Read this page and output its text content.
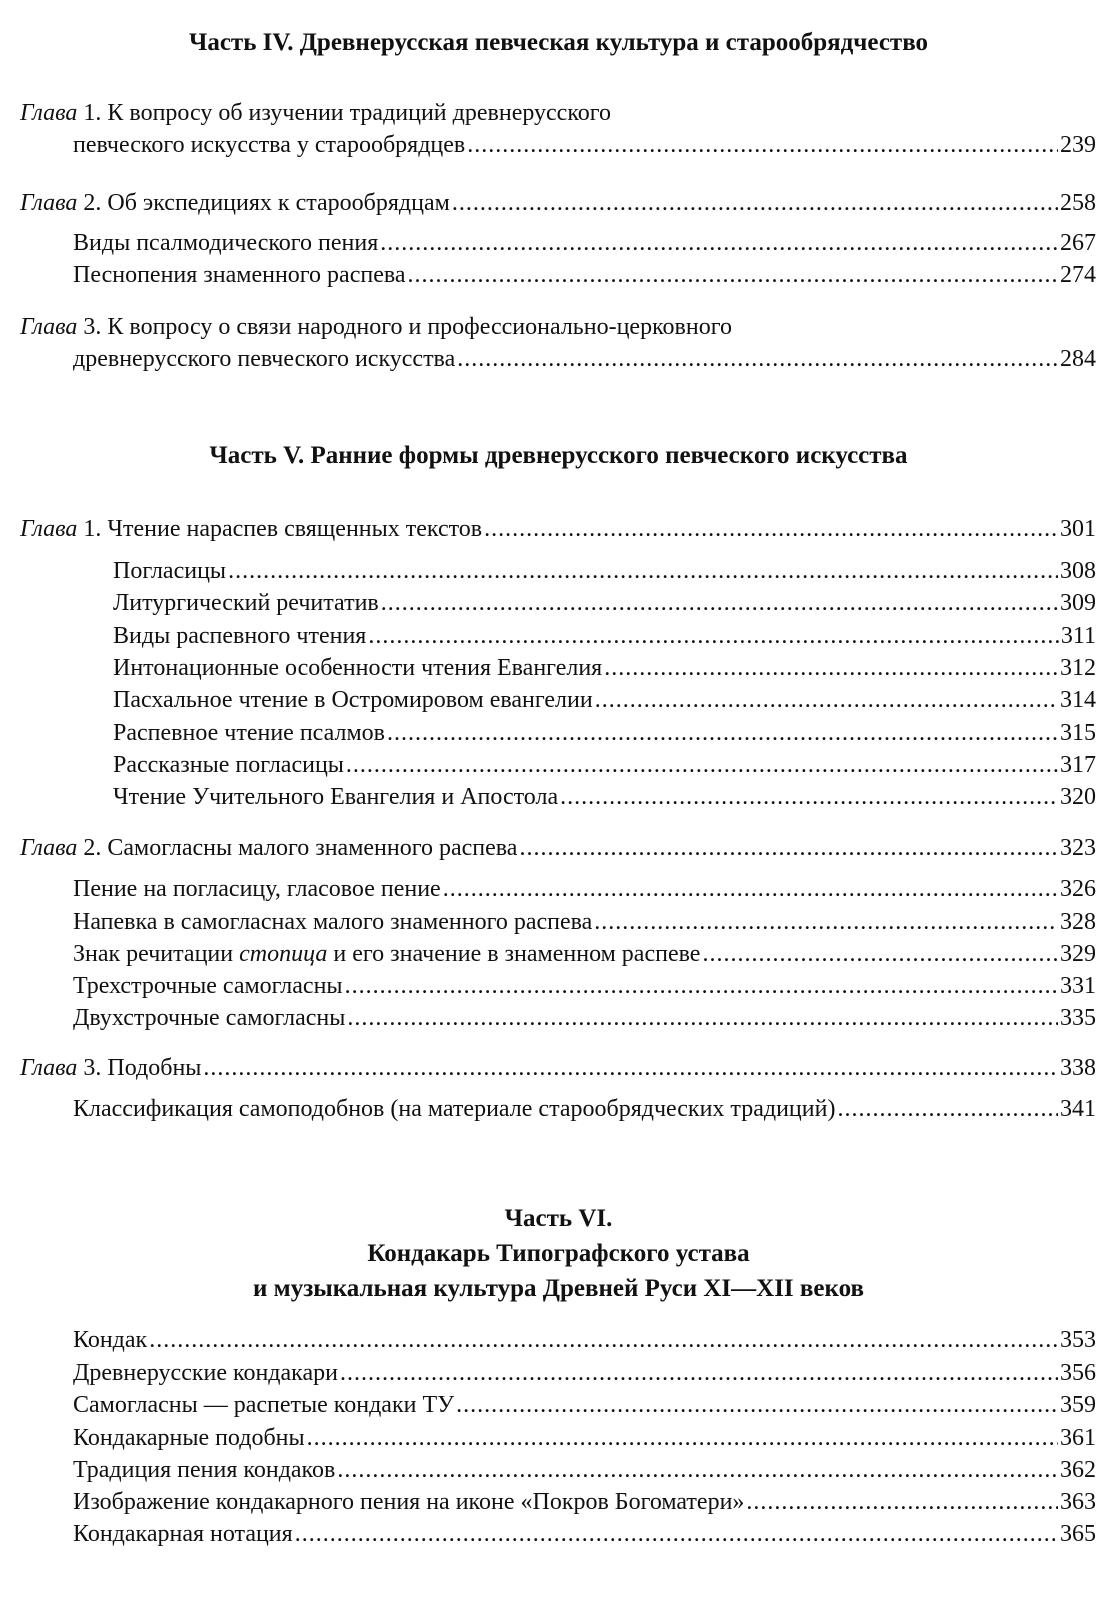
Часть IV. Древнерусская певческая культура и старообрядчество
Глава 1. К вопросу об изучении традиций древнерусского
певческого искусства у старообрядцев .....	239
Глава 2. Об экспедициях к старообрядцам .....	258
Виды псалмодического пения .....	267
Песнопения знаменного распева .....	274
Глава 3. К вопросу о связи народного и профессионально-церковного
древнерусского певческого искусства .....	284
Часть V. Ранние формы древнерусского певческого искусства
Глава 1. Чтение нараспев священных текстов .....	301
Погласицы .....	308
Литургический речитатив .....	309
Виды распевного чтения .....	311
Интонационные особенности чтения Евангелия .....	312
Пасхальное чтение в Остромировом евангелии .....	314
Распевное чтение псалмов .....	315
Рассказные погласицы .....	317
Чтение Учительного Евангелия и Апостола .....	320
Глава 2. Самогласны малого знаменного распева .....	323
Пение на погласицу, гласовое пение .....	326
Напевка в самогласнах малого знаменного распева .....	328
Знак речитации стопица и его значение в знаменном распеве .....	329
Трехстрочные самогласны .....	331
Двухстрочные самогласны .....	335
Глава 3. Подобны .....	338
Классификация самоподобнов (на материале старообрядческих традиций) .....	341
Часть VI.
Кондакарь Типографского устава
и музыкальная культура Древней Руси XI—XII веков
Кондак .....	353
Древнерусские кондакари .....	356
Самогласны — распетые кондаки ТУ .....	359
Кондакарные подобны .....	361
Традиция пения кондаков .....	362
Изображение кондакарного пения на иконе «Покров Богоматери» .....	363
Кондакарная нотация .....	365
